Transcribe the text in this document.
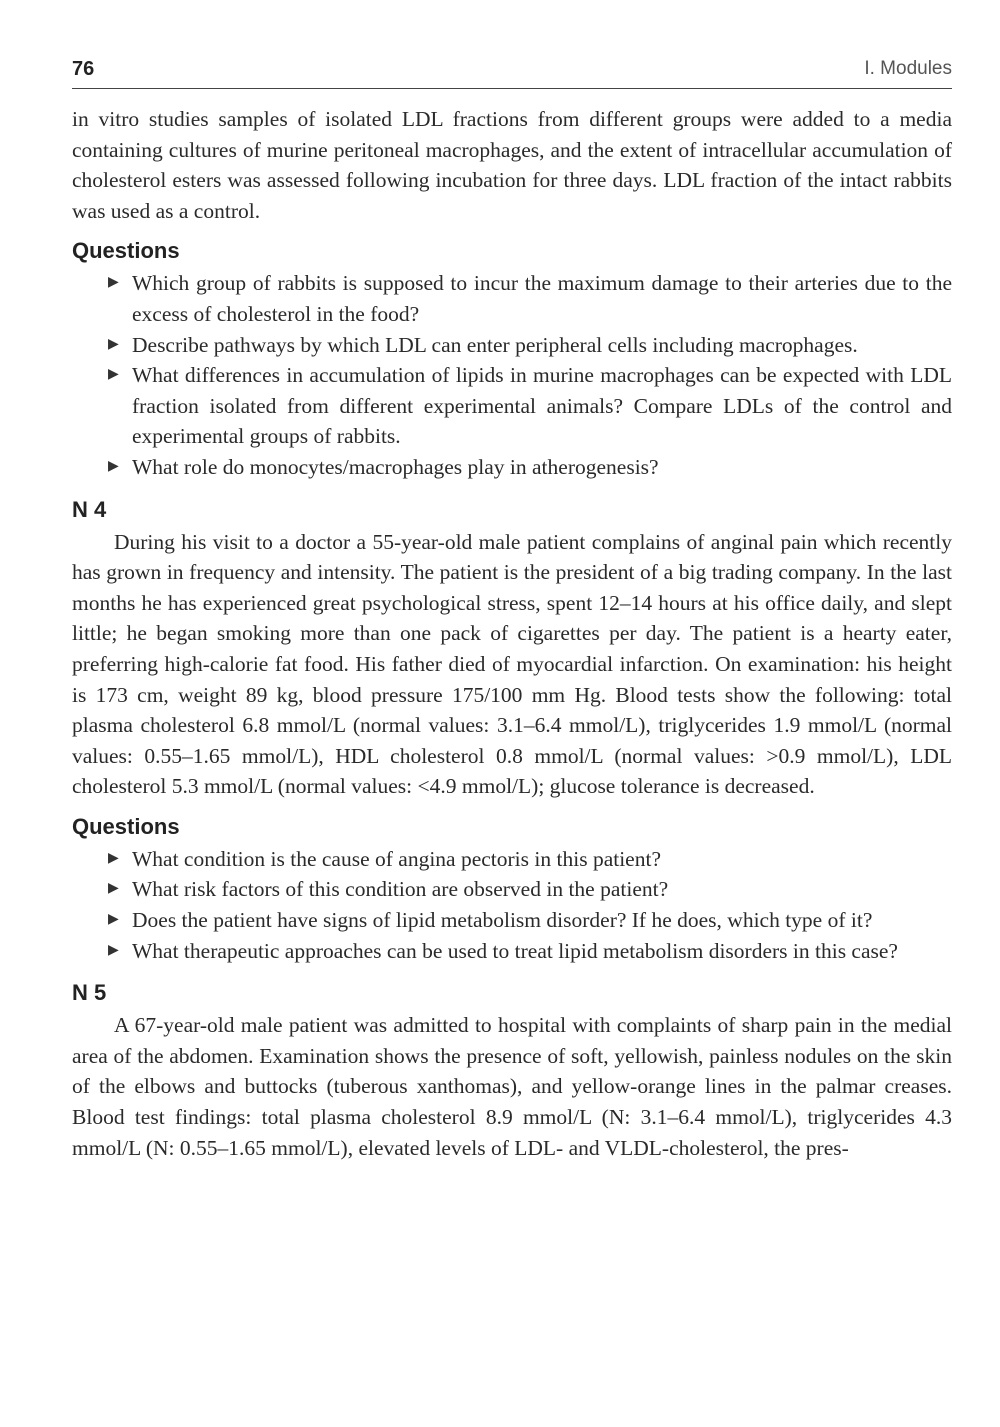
76	I. Modules

in vitro studies samples of isolated LDL fractions from different groups were added to a media containing cultures of murine peritoneal macrophages, and the extent of intracellular accumulation of cholesterol esters was assessed following incubation for three days. LDL fraction of the intact rabbits was used as a control.

Questions
▶ Which group of rabbits is supposed to incur the maximum damage to their arteries due to the excess of cholesterol in the food?
▶ Describe pathways by which LDL can enter peripheral cells including macrophages.
▶ What differences in accumulation of lipids in murine macrophages can be expected with LDL fraction isolated from different experimental animals? Compare LDLs of the control and experimental groups of rabbits.
▶ What role do monocytes/macrophages play in atherogenesis?
N 4

During his visit to a doctor a 55-year-old male patient complains of anginal pain which recently has grown in frequency and intensity. The patient is the president of a big trading company. In the last months he has experienced great psychological stress, spent 12–14 hours at his office daily, and slept little; he began smoking more than one pack of cigarettes per day. The patient is a hearty eater, preferring high-calorie fat food. His father died of myocardial infarction. On examination: his height is 173 cm, weight 89 kg, blood pressure 175/100 mm Hg. Blood tests show the following: total plasma cholesterol 6.8 mmol/L (normal values: 3.1–6.4 mmol/L), triglycerides 1.9 mmol/L (normal values: 0.55–1.65 mmol/L), HDL cholesterol 0.8 mmol/L (normal values: >0.9 mmol/L), LDL cholesterol 5.3 mmol/L (normal values: <4.9 mmol/L); glucose tolerance is decreased.

Questions
▶ What condition is the cause of angina pectoris in this patient?
▶ What risk factors of this condition are observed in the patient?
▶ Does the patient have signs of lipid metabolism disorder? If he does, which type of it?
▶ What therapeutic approaches can be used to treat lipid metabolism disorders in this case?
N 5

A 67-year-old male patient was admitted to hospital with complaints of sharp pain in the medial area of the abdomen. Examination shows the presence of soft, yellowish, painless nodules on the skin of the elbows and buttocks (tuberous xanthomas), and yellow-orange lines in the palmar creases. Blood test findings: total plasma cholesterol 8.9 mmol/L (N: 3.1–6.4 mmol/L), triglycerides 4.3 mmol/L (N: 0.55–1.65 mmol/L), elevated levels of LDL- and VLDL-cholesterol, the pres-
